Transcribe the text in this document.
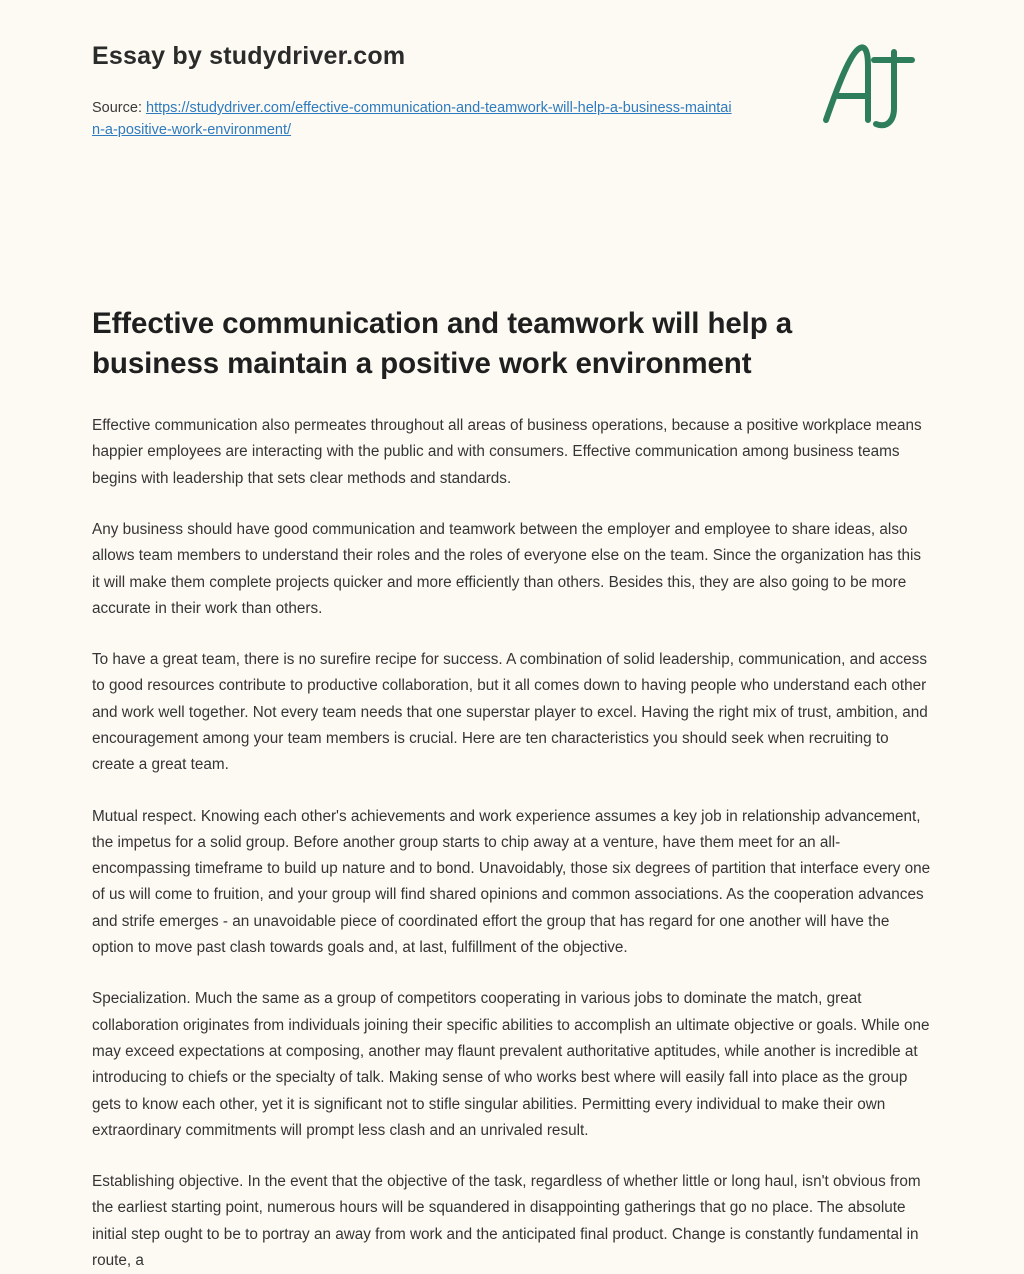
Essay by studydriver.com
Source: https://studydriver.com/effective-communication-and-teamwork-will-help-a-business-maintain-a-positive-work-environment/
Effective communication and teamwork will help a business maintain a positive work environment

Effective communication also permeates throughout all areas of business operations, because a positive workplace means happier employees are interacting with the public and with consumers. Effective communication among business teams begins with leadership that sets clear methods and standards.

Any business should have good communication and teamwork between the employer and employee to share ideas, also allows team members to understand their roles and the roles of everyone else on the team. Since the organization has this it will make them complete projects quicker and more efficiently than others. Besides this, they are also going to be more accurate in their work than others.

To have a great team, there is no surefire recipe for success. A combination of solid leadership, communication, and access to good resources contribute to productive collaboration, but it all comes down to having people who understand each other and work well together. Not every team needs that one superstar player to excel. Having the right mix of trust, ambition, and encouragement among your team members is crucial. Here are ten characteristics you should seek when recruiting to create a great team.

Mutual respect. Knowing each other's achievements and work experience assumes a key job in relationship advancement, the impetus for a solid group. Before another group starts to chip away at a venture, have them meet for an all-encompassing timeframe to build up nature and to bond. Unavoidably, those six degrees of partition that interface every one of us will come to fruition, and your group will find shared opinions and common associations. As the cooperation advances and strife emerges - an unavoidable piece of coordinated effort the group that has regard for one another will have the option to move past clash towards goals and, at last, fulfillment of the objective.

Specialization. Much the same as a group of competitors cooperating in various jobs to dominate the match, great collaboration originates from individuals joining their specific abilities to accomplish an ultimate objective or goals. While one may exceed expectations at composing, another may flaunt prevalent authoritative aptitudes, while another is incredible at introducing to chiefs or the specialty of talk. Making sense of who works best where will easily fall into place as the group gets to know each other, yet it is significant not to stifle singular abilities. Permitting every individual to make their own extraordinary commitments will prompt less clash and an unrivaled result.

Establishing objective. In the event that the objective of the task, regardless of whether little or long haul, isn't obvious from the earliest starting point, numerous hours will be squandered in disappointing gatherings that go no place. The absolute initial step ought to be to portray an away from work and the anticipated final product. Change is constantly fundamental in route, a
